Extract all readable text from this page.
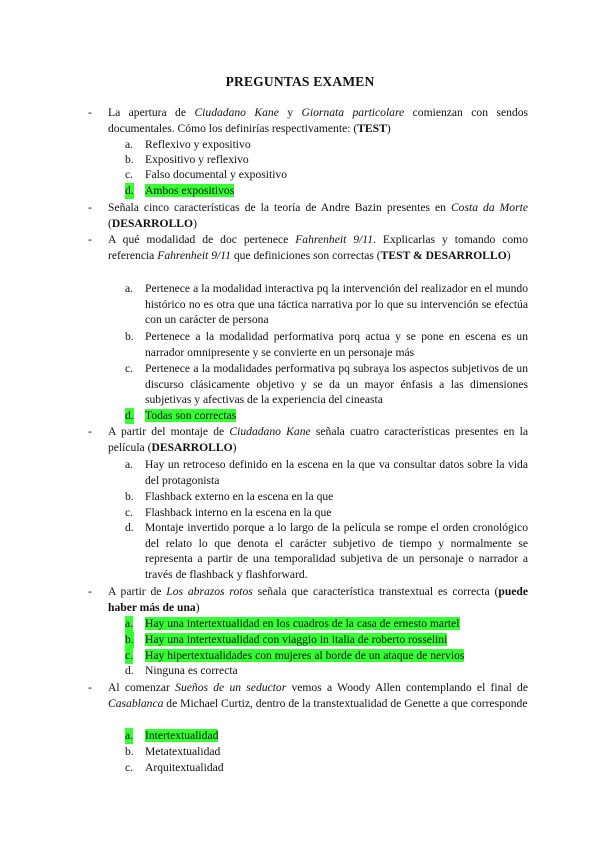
PREGUNTAS EXAMEN
- La apertura de Ciudadano Kane y Giornata particolare comienzan con sendos documentales. Cómo los definirías respectivamente: (TEST)
a. Reflexivo y expositivo
b. Expositivo y reflexivo
c. Falso documental y expositivo
d. Ambos expositivos
- Señala cinco características de la teoría de Andre Bazin presentes en Costa da Morte (DESARROLLO)
- A qué modalidad de doc pertenece Fahrenheit 9/11. Explicarlas y tomando como referencia Fahrenheit 9/11 que definiciones son correctas (TEST & DESARROLLO)
a. Pertenece a la modalidad interactiva pq la intervención del realizador en el mundo histórico no es otra que una táctica narrativa por lo que su intervención se efectúa con un carácter de persona
b. Pertenece a la modalidad performativa porq actua y se pone en escena es un narrador omnipresente y se convierte en un personaje más
c. Pertenece a la modalidades performativa pq subraya los aspectos subjetivos de un discurso clásicamente objetivo y se da un mayor énfasis a las dimensiones subjetivas y afectivas de la experiencia del cineasta
d. Todas son correctas
- A partir del montaje de Ciudadano Kane señala cuatro características presentes en la película (DESARROLLO)
a. Hay un retroceso definido en la escena en la que va consultar datos sobre la vida del protagonista
b. Flashback externo en la escena en la que
c. Flashback interno en la escena en la que
d. Montaje invertido porque a lo largo de la película se rompe el orden cronológico del relato lo que denota el carácter subjetivo de tiempo y normalmente se representa a partir de una temporalidad subjetiva de un personaje o narrador a través de flashback y flashforward.
- A partir de Los abrazos rotos señala que característica transtextual es correcta (puede haber más de una)
a. Hay una intertextualidad en los cuadros de la casa de ernesto martel
b. Hay una intertextualidad con viaggio in italia de roberto rosselini
c. Hay hipertextualidades con mujeres al borde de un ataque de nervios
d. Ninguna es correcta
- Al comenzar Sueños de un seductor vemos a Woody Allen contemplando el final de Casablanca de Michael Curtiz, dentro de la transtextualidad de Genette a que corresponde
a. Intertextualidad
b. Metatextualidad
c. Arquitextualidad
